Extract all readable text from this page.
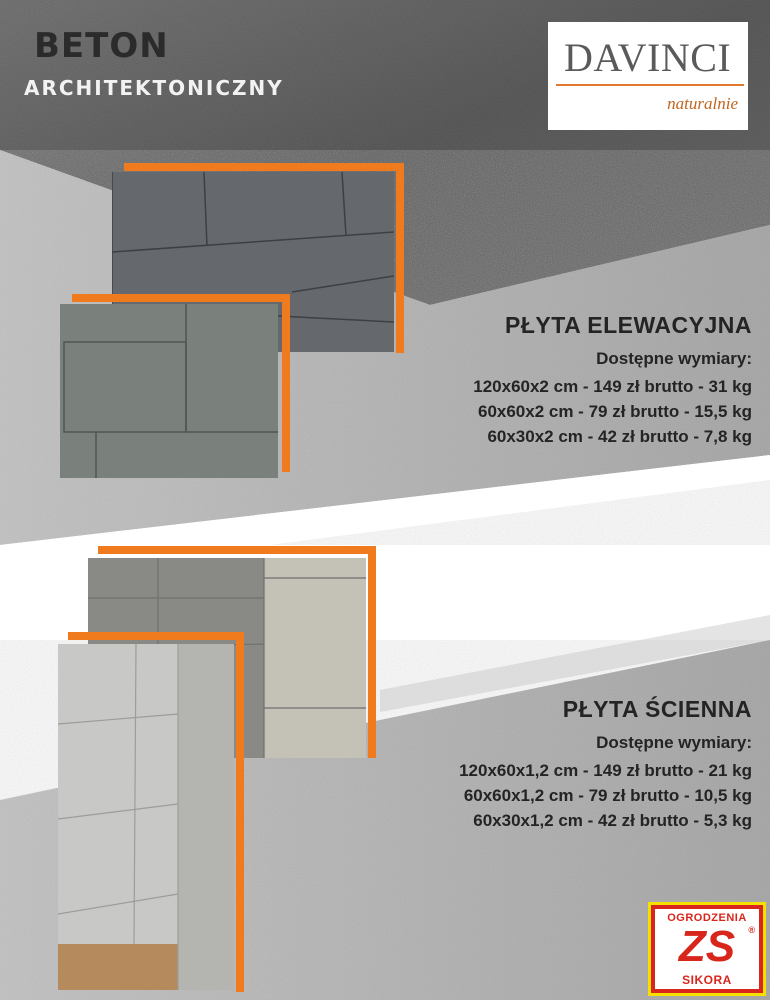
BETON
ARCHITEKTONICZNY
DAVINCI
naturalnie
PŁYTA ELEWACYJNA
Dostępne wymiary:
120x60x2 cm - 149 zł brutto - 31 kg
60x60x2 cm - 79 zł brutto - 15,5 kg
60x30x2 cm - 42 zł brutto - 7,8 kg
PŁYTA ŚCIENNA
Dostępne wymiary:
120x60x1,2 cm - 149 zł brutto - 21 kg
60x60x1,2 cm - 79 zł brutto - 10,5 kg
60x30x1,2 cm - 42 zł brutto - 5,3 kg
OGRODZENIA
ZS	®
SIKORA
